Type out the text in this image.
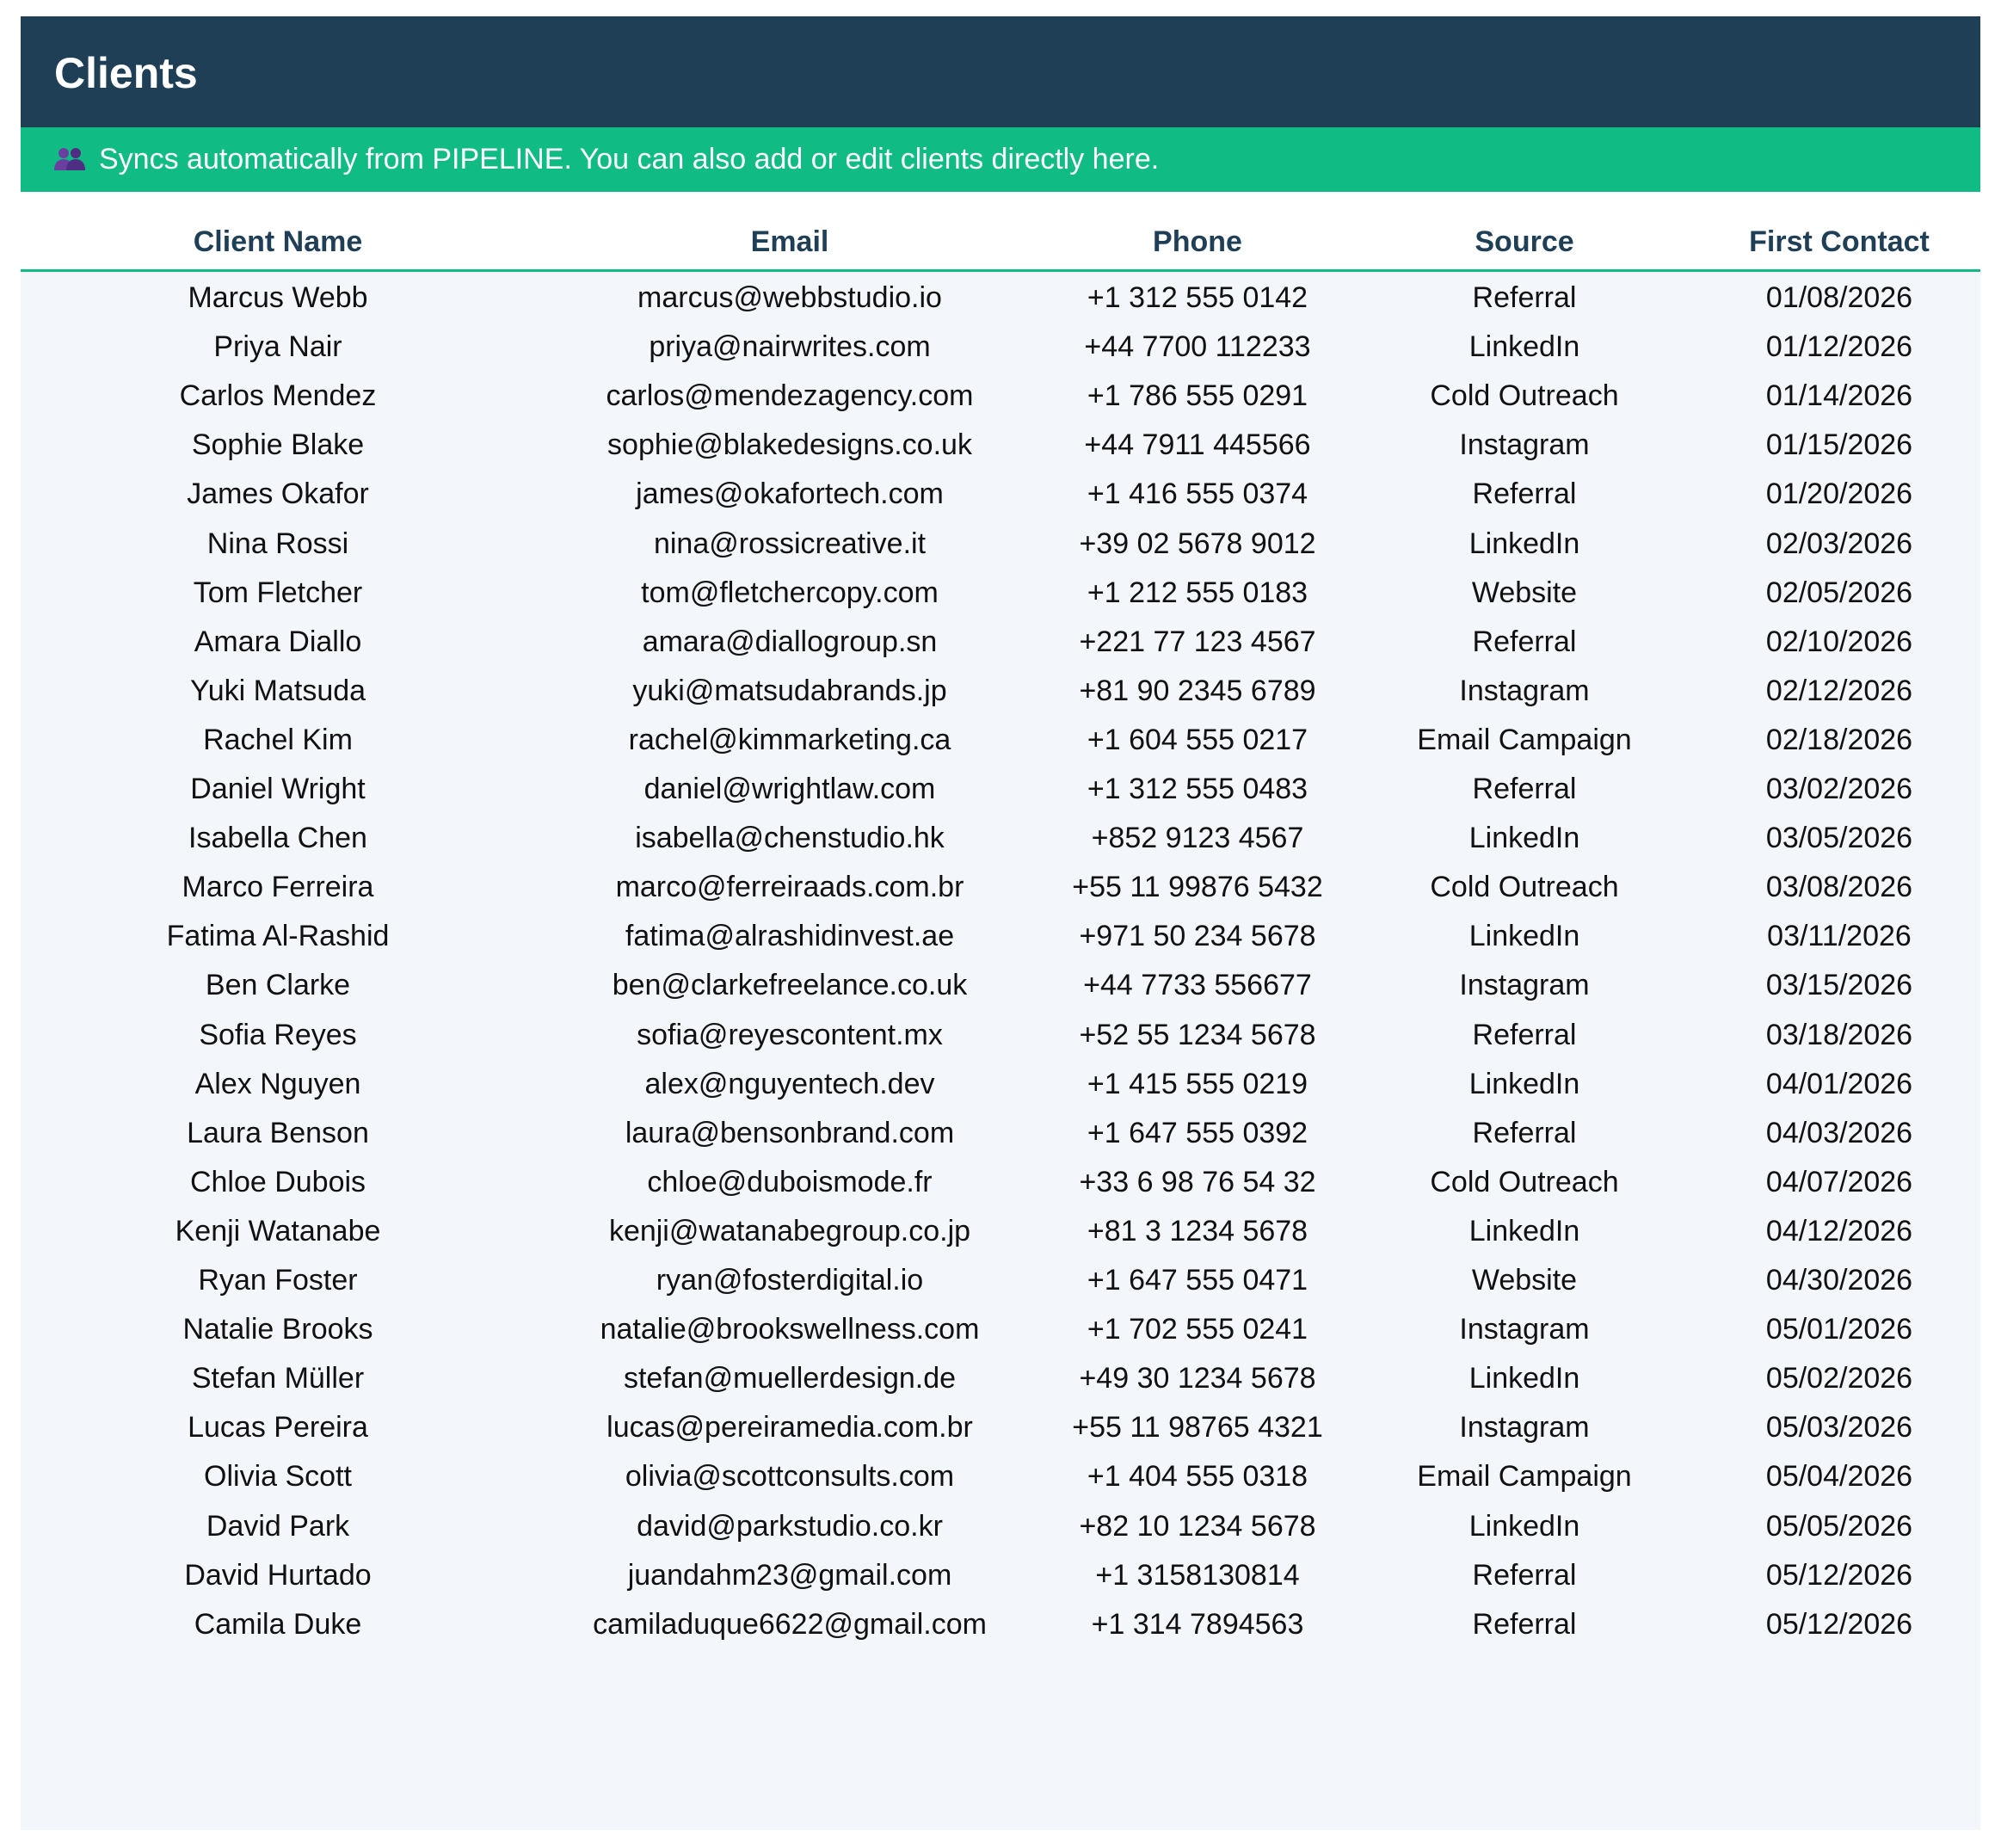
Clients
Syncs automatically from PIPELINE. You can also add or edit clients directly here.
Client Name	Email	Phone	Source	First Contact
Marcus Webb	marcus@webbstudio.io	+1 312 555 0142	Referral	01/08/2026
Priya Nair	priya@nairwrites.com	+44 7700 112233	LinkedIn	01/12/2026
Carlos Mendez	carlos@mendezagency.com	+1 786 555 0291	Cold Outreach	01/14/2026
Sophie Blake	sophie@blakedesigns.co.uk	+44 7911 445566	Instagram	01/15/2026
James Okafor	james@okafortech.com	+1 416 555 0374	Referral	01/20/2026
Nina Rossi	nina@rossicreative.it	+39 02 5678 9012	LinkedIn	02/03/2026
Tom Fletcher	tom@fletchercopy.com	+1 212 555 0183	Website	02/05/2026
Amara Diallo	amara@diallogroup.sn	+221 77 123 4567	Referral	02/10/2026
Yuki Matsuda	yuki@matsudabrands.jp	+81 90 2345 6789	Instagram	02/12/2026
Rachel Kim	rachel@kimmarketing.ca	+1 604 555 0217	Email Campaign	02/18/2026
Daniel Wright	daniel@wrightlaw.com	+1 312 555 0483	Referral	03/02/2026
Isabella Chen	isabella@chenstudio.hk	+852 9123 4567	LinkedIn	03/05/2026
Marco Ferreira	marco@ferreiraads.com.br	+55 11 99876 5432	Cold Outreach	03/08/2026
Fatima Al-Rashid	fatima@alrashidinvest.ae	+971 50 234 5678	LinkedIn	03/11/2026
Ben Clarke	ben@clarkefreelance.co.uk	+44 7733 556677	Instagram	03/15/2026
Sofia Reyes	sofia@reyescontent.mx	+52 55 1234 5678	Referral	03/18/2026
Alex Nguyen	alex@nguyentech.dev	+1 415 555 0219	LinkedIn	04/01/2026
Laura Benson	laura@bensonbrand.com	+1 647 555 0392	Referral	04/03/2026
Chloe Dubois	chloe@duboismode.fr	+33 6 98 76 54 32	Cold Outreach	04/07/2026
Kenji Watanabe	kenji@watanabegroup.co.jp	+81 3 1234 5678	LinkedIn	04/12/2026
Ryan Foster	ryan@fosterdigital.io	+1 647 555 0471	Website	04/30/2026
Natalie Brooks	natalie@brookswellness.com	+1 702 555 0241	Instagram	05/01/2026
Stefan Müller	stefan@muellerdesign.de	+49 30 1234 5678	LinkedIn	05/02/2026
Lucas Pereira	lucas@pereiramedia.com.br	+55 11 98765 4321	Instagram	05/03/2026
Olivia Scott	olivia@scottconsults.com	+1 404 555 0318	Email Campaign	05/04/2026
David Park	david@parkstudio.co.kr	+82 10 1234 5678	LinkedIn	05/05/2026
David Hurtado	juandahm23@gmail.com	+1 3158130814	Referral	05/12/2026
Camila Duke	camiladuque6622@gmail.com	+1 314 7894563	Referral	05/12/2026
